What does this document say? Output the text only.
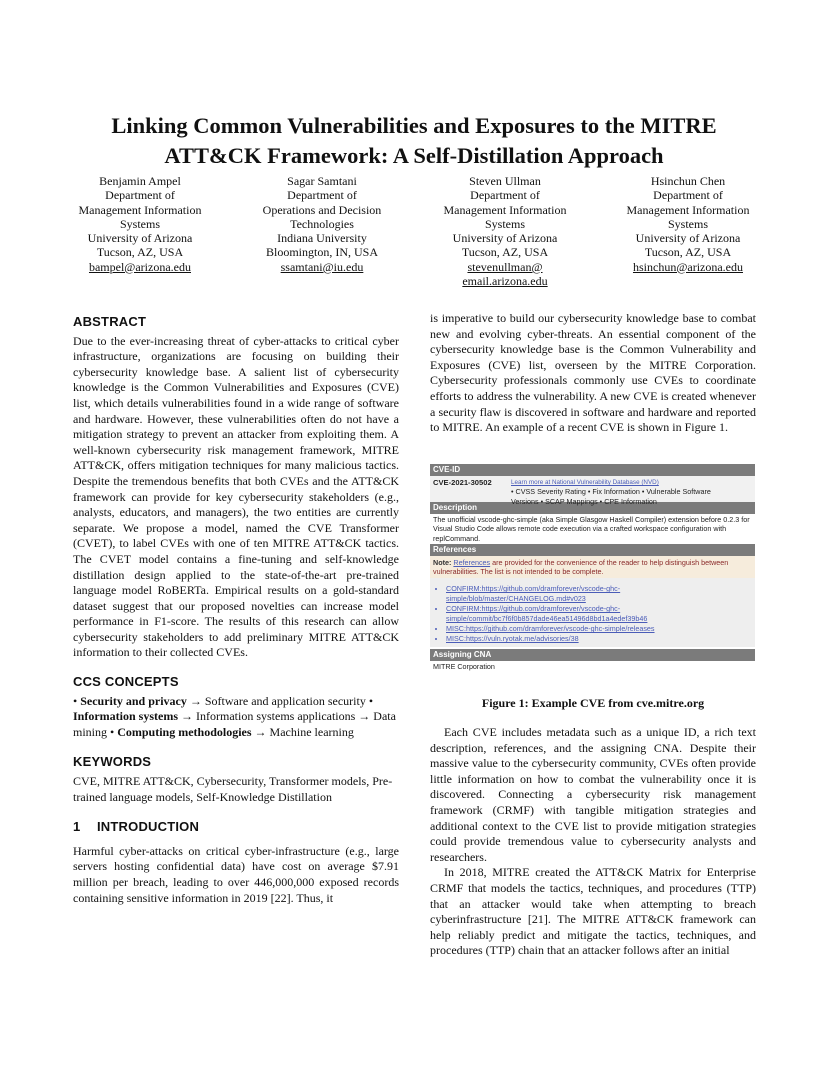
Linking Common Vulnerabilities and Exposures to the MITRE
ATT&CK Framework: A Self-Distillation Approach
Benjamin Ampel
Department of
Management Information
Systems
University of Arizona
Tucson, AZ, USA
bampel@arizona.edu
Sagar Samtani
Department of
Operations and Decision
Technologies
Indiana University
Bloomington, IN, USA
ssamtani@iu.edu
Steven Ullman
Department of
Management Information
Systems
University of Arizona
Tucson, AZ, USA
stevenullman@
email.arizona.edu
Hsinchun Chen
Department of
Management Information
Systems
University of Arizona
Tucson, AZ, USA
hsinchun@arizona.edu
ABSTRACT

Due to the ever-increasing threat of cyber-attacks to critical cyber infrastructure, organizations are focusing on building their cybersecurity knowledge base. A salient list of cybersecurity knowledge is the Common Vulnerabilities and Exposures (CVE) list, which details vulnerabilities found in a wide range of software and hardware. However, these vulnerabilities often do not have a mitigation strategy to prevent an attacker from exploiting them. A well-known cybersecurity risk management framework, MITRE ATT&CK, offers mitigation techniques for many malicious tactics. Despite the tremendous benefits that both CVEs and the ATT&CK framework can provide for key cybersecurity stakeholders (e.g., analysts, educators, and managers), the two entities are currently separate. We propose a model, named the CVE Transformer (CVET), to label CVEs with one of ten MITRE ATT&CK tactics. The CVET model contains a fine-tuning and self-knowledge distillation design applied to the state-of-the-art pre-trained language model RoBERTa. Empirical results on a gold-standard dataset suggest that our proposed novelties can increase model performance in F1-score. The results of this research can allow cybersecurity stakeholders to add preliminary MITRE ATT&CK information to their collected CVEs.

CCS CONCEPTS

• Security and privacy → Software and application security • Information systems → Information systems applications → Data mining • Computing methodologies → Machine learning

KEYWORDS

CVE, MITRE ATT&CK, Cybersecurity, Transformer models, Pre-trained language models, Self-Knowledge Distillation

1 INTRODUCTION

Harmful cyber-attacks on critical cyber-infrastructure (e.g., large servers hosting confidential data) have cost on average $7.91 million per breach, leading to over 446,000,000 exposed records containing sensitive information in 2019 [22]. Thus, it

is imperative to build our cybersecurity knowledge base to combat new and evolving cyber-threats. An essential component of the cybersecurity knowledge base is the Common Vulnerability and Exposures (CVE) list, overseen by the MITRE Corporation. Cybersecurity professionals commonly use CVEs to coordinate efforts to address the vulnerability. A new CVE is created whenever a security flaw is discovered in software and hardware and reported to MITRE. An example of a recent CVE is shown in Figure 1.

CVE-ID
CVE-2021-30502	Learn more at National Vulnerability Database (NVD)
• CVSS Severity Rating • Fix Information • Vulnerable Software
Versions • SCAP Mappings • CPE Information
Description
The unofficial vscode-ghc-simple (aka Simple Glasgow Haskell Compiler) extension before 0.2.3 for Visual Studio Code allows remote code execution via a crafted workspace configuration with replCommand.
References
Note: References are provided for the convenience of the reader to help distinguish between vulnerabilities. The list is not intended to be complete.
• CONFIRM:https://github.com/dramforever/vscode-ghc-simple/blob/master/CHANGELOG.md#v023
• CONFIRM:https://github.com/dramforever/vscode-ghc-simple/commit/bc7f6f0b857dade46ea51496d8bd1a4edef39b46
• MISC:https://github.com/dramforever/vscode-ghc-simple/releases
• MISC:https://vuln.ryotak.me/advisories/38
Assigning CNA
MITRE Corporation
Figure 1: Example CVE from cve.mitre.org

Each CVE includes metadata such as a unique ID, a rich text description, references, and the assigning CNA. Despite their massive value to the cybersecurity community, CVEs often provide little information on how to combat the vulnerability once it is discovered. Connecting a cybersecurity risk management framework (CRMF) with tangible mitigation strategies and additional context to the CVE list to provide mitigation strategies could provide tremendous value to cybersecurity analysts and researchers.

In 2018, MITRE created the ATT&CK Matrix for Enterprise CRMF that models the tactics, techniques, and procedures (TTP) that an attacker would take when attempting to breach cyberinfrastructure [21]. The MITRE ATT&CK framework can help reliably predict and mitigate the tactics, techniques, and procedures (TTP) chain that an attacker follows after an initial
